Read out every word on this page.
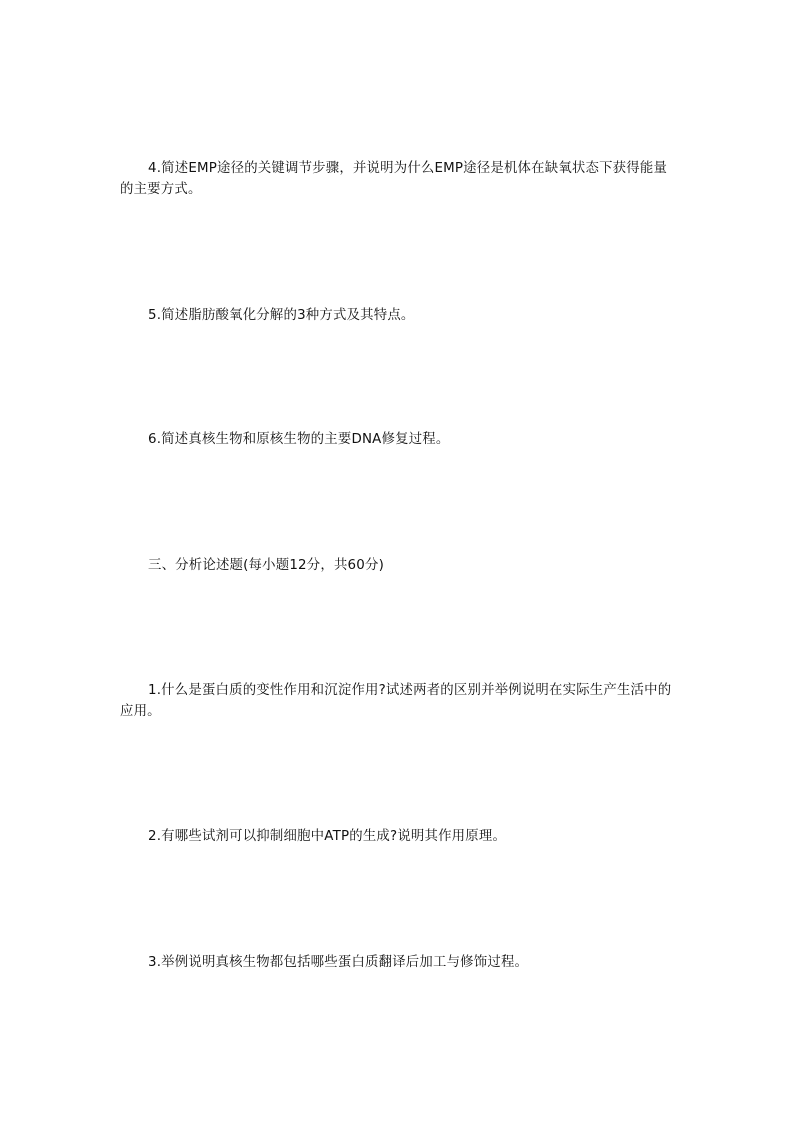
4.简述EMP途径的关键调节步骤，并说明为什么EMP途径是机体在缺氧状态下获得能量的主要方式。

5.简述脂肪酸氧化分解的3种方式及其特点。

6.简述真核生物和原核生物的主要DNA修复过程。

三、分析论述题(每小题12分，共60分)

1.什么是蛋白质的变性作用和沉淀作用?试述两者的区别并举例说明在实际生产生活中的应用。

2.有哪些试剂可以抑制细胞中ATP的生成?说明其作用原理。

3.举例说明真核生物都包括哪些蛋白质翻译后加工与修饰过程。
